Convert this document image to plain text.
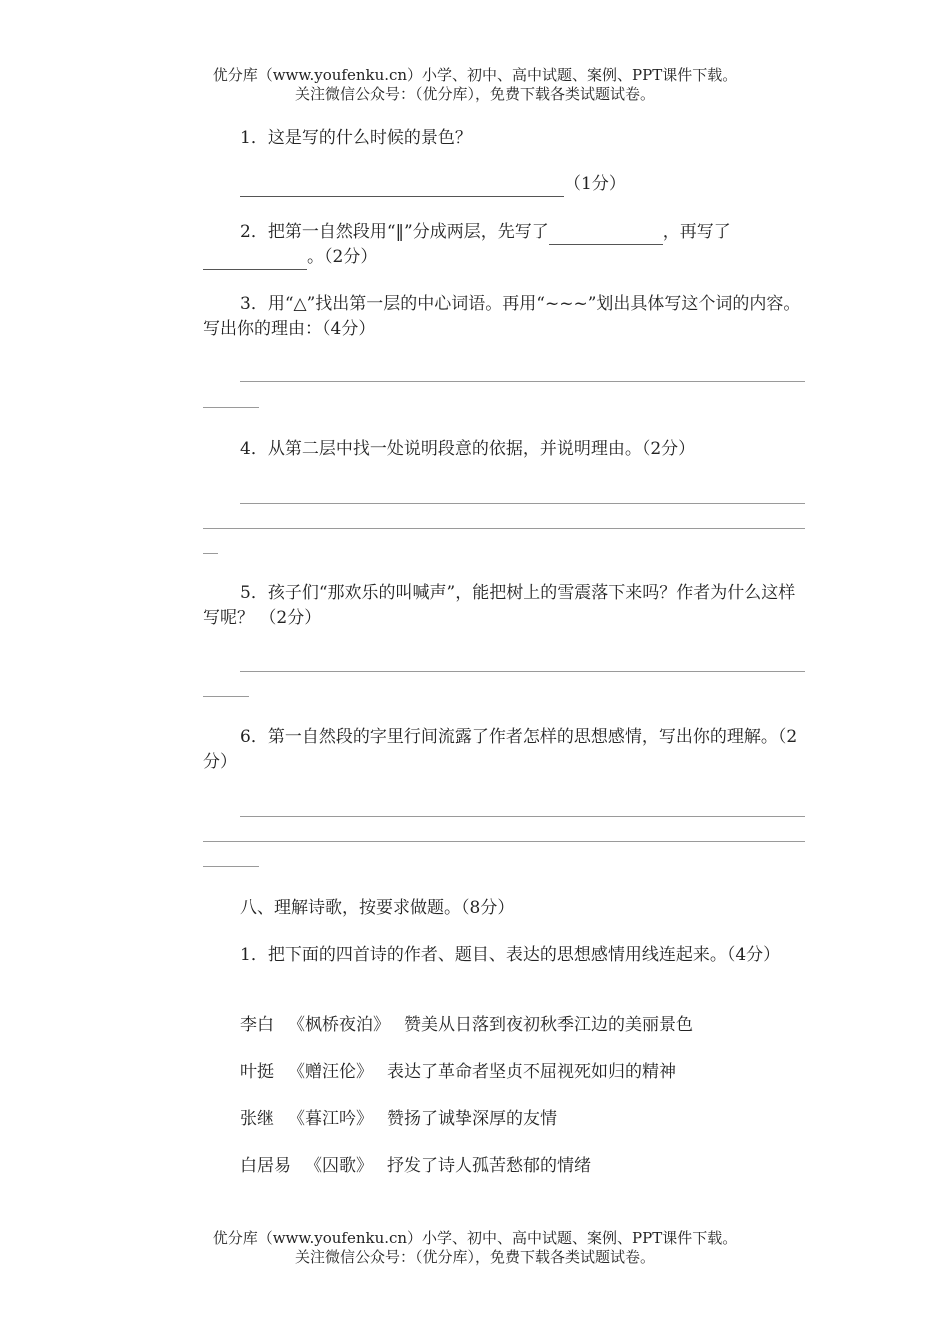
优分库（www.youfenku.cn）小学、初中、高中试题、案例、PPT课件下载。
关注微信公众号：（优分库），免费下载各类试题试卷。
1．这是写的什么时候的景色？
（1分）
2．把第一自然段用“‖”分成两层，先写了	，再写了
。（2分）
3．用“△”找出第一层的中心词语。再用“~~~”划出具体写这个词的内容。写出你的理由：（4分）
4．从第二层中找一处说明段意的依据，并说明理由。（2分）
5．孩子们“那欢乐的叫喊声”，能把树上的雪震落下来吗？作者为什么这样写呢？ （2分）
6．第一自然段的字里行间流露了作者怎样的思想感情，写出你的理解。（2分）
八、理解诗歌，按要求做题。（8分）
1．把下面的四首诗的作者、题目、表达的思想感情用线连起来。（4分）
李白 《枫桥夜泊》 赞美从日落到夜初秋季江边的美丽景色
叶挺 《赠汪伦》 表达了革命者坚贞不屈视死如归的精神
张继 《暮江吟》 赞扬了诚挚深厚的友情
白居易 《囚歌》 抒发了诗人孤苦愁郁的情绪
优分库（www.youfenku.cn）小学、初中、高中试题、案例、PPT课件下载。
关注微信公众号：（优分库），免费下载各类试题试卷。
